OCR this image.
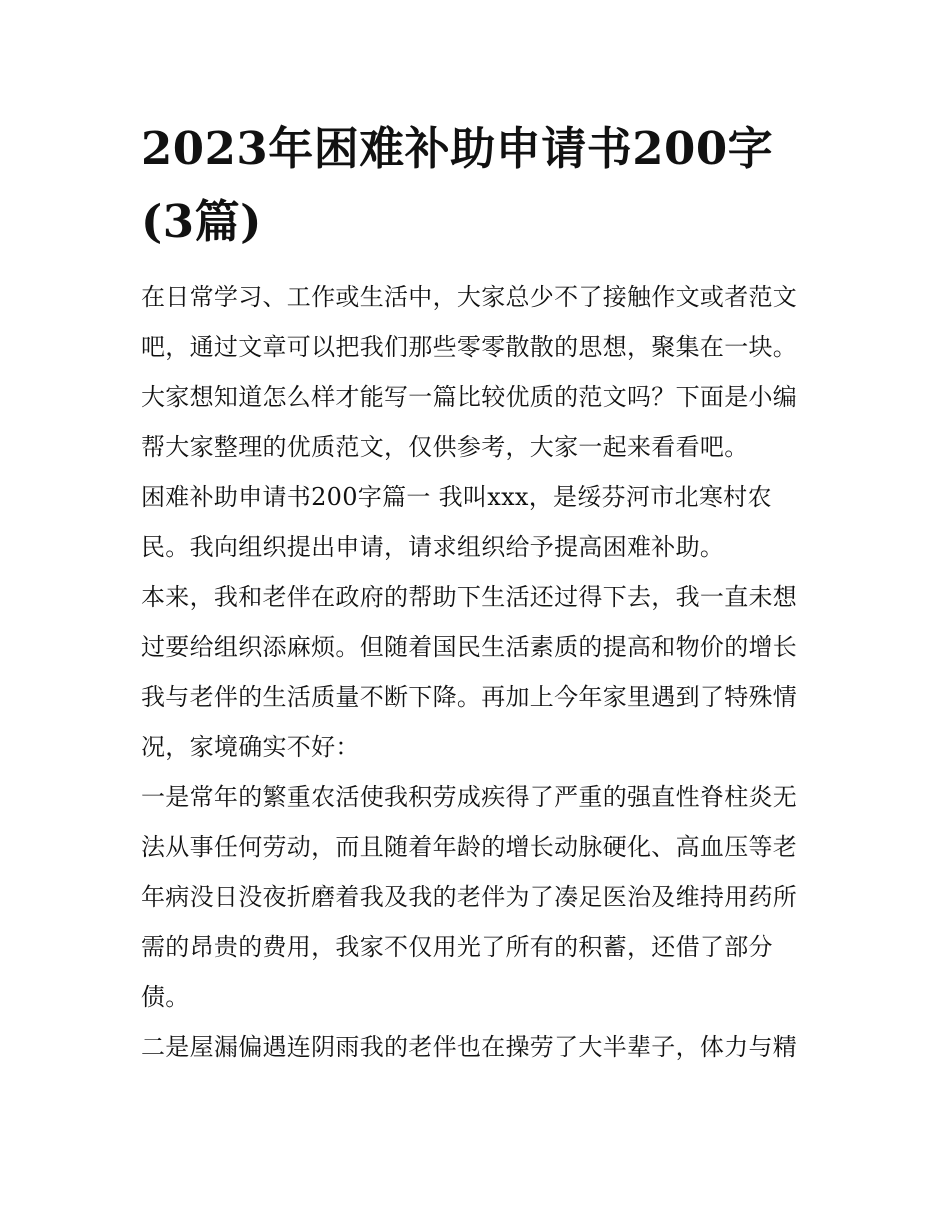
2023年困难补助申请书200字(3篇)

在日常学习、工作或生活中，大家总少不了接触作文或者范文吧，通过文章可以把我们那些零零散散的思想，聚集在一块。大家想知道怎么样才能写一篇比较优质的范文吗？下面是小编帮大家整理的优质范文，仅供参考，大家一起来看看吧。

困难补助申请书200字篇一 我叫xxx，是绥芬河市北寒村农民。我向组织提出申请，请求组织给予提高困难补助。

本来，我和老伴在政府的帮助下生活还过得下去，我一直未想过要给组织添麻烦。但随着国民生活素质的提高和物价的增长我与老伴的生活质量不断下降。再加上今年家里遇到了特殊情况，家境确实不好：

一是常年的繁重农活使我积劳成疾得了严重的强直性脊柱炎无法从事任何劳动，而且随着年龄的增长动脉硬化、高血压等老年病没日没夜折磨着我及我的老伴为了凑足医治及维持用药所需的昂贵的费用，我家不仅用光了所有的积蓄，还借了部分债。

二是屋漏偏遇连阴雨我的老伴也在操劳了大半辈子，体力与精
